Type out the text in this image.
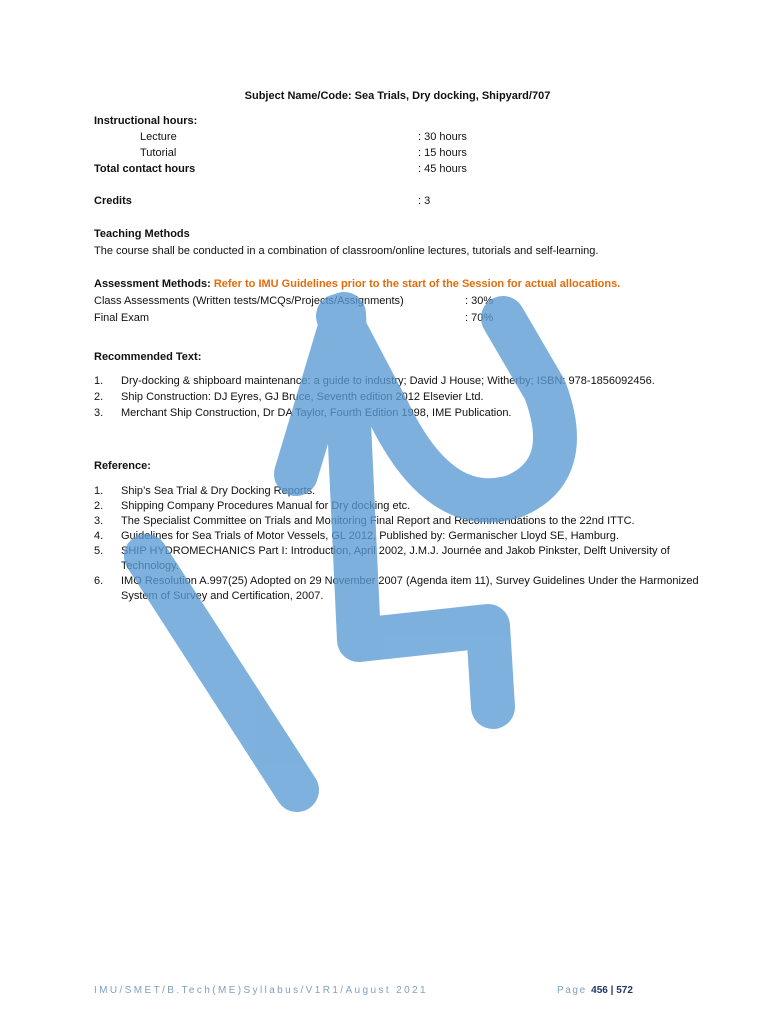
Subject Name/Code: Sea Trials, Dry docking, Shipyard/707
Instructional hours:
Lecture	: 30 hours
Tutorial	: 15 hours
Total contact hours	: 45 hours
Credits	: 3
Teaching Methods
The course shall be conducted in a combination of classroom/online lectures, tutorials and self-learning.
Assessment Methods: Refer to IMU Guidelines prior to the start of the Session for actual allocations.
Class Assessments (Written tests/MCQs/Projects/Assignments)	: 30%
Final Exam	: 70%
Recommended Text:
1. Dry-docking & shipboard maintenance: a guide to industry; David J House; Witherby; ISBN: 978-1856092456.
2. Ship Construction: DJ Eyres, GJ Bruce, Seventh edition 2012 Elsevier Ltd.
3. Merchant Ship Construction, Dr DA Taylor, Fourth Edition 1998, IME Publication.
Reference:
1. Ship’s Sea Trial & Dry Docking Reports.
2. Shipping Company Procedures Manual for Dry docking etc.
3. The Specialist Committee on Trials and Monitoring Final Report and Recommendations to the 22nd ITTC.
4. Guidelines for Sea Trials of Motor Vessels, GL 2012, Published by: Germanischer Lloyd SE, Hamburg.
5. SHIP HYDROMECHANICS Part I: Introduction, April 2002, J.M.J. Journée and Jakob Pinkster, Delft University of Technology.
6. IMO Resolution A.997(25) Adopted on 29 November 2007 (Agenda item 11), Survey Guidelines Under the Harmonized System of Survey and Certification, 2007.
IMU/SMET/B.Tech(ME)Syllabus/V1R1/August 2021	Page 456 | 572
